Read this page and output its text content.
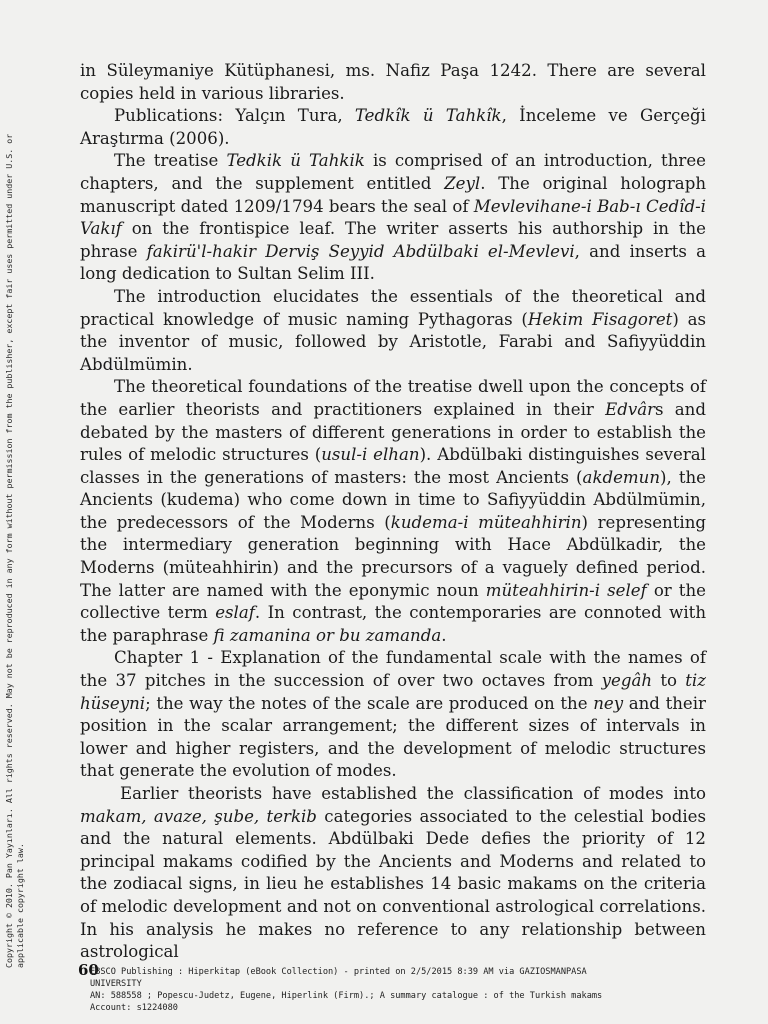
Copyright © 2010. Pan Yayınları. All rights reserved. May not be reproduced in any form without permission from the publisher, except fair uses permitted under U.S. or applicable copyright law.

in Süleymaniye Kütüphanesi, ms. Nafiz Paşa 1242. There are several copies held in various libraries.

Publications: Yalçın Tura, Tedkîk ü Tahkîk, İnceleme ve Gerçeği Araştırma (2006).

The treatise Tedkik ü Tahkik is comprised of an introduction, three chapters, and the supplement entitled Zeyl. The original holograph manuscript dated 1209/1794 bears the seal of Mevlevihane-i Bab-ı Cedîd-i Vakıf on the frontispice leaf. The writer asserts his authorship in the phrase fakirü'l-hakir Derviş Seyyid Abdülbaki el-Mevlevi, and inserts a long dedication to Sultan Selim III.

The introduction elucidates the essentials of the theoretical and practical knowledge of music naming Pythagoras (Hekim Fisagoret) as the inventor of music, followed by Aristotle, Farabi and Safiyyüddin Abdülmümin.

The theoretical foundations of the treatise dwell upon the concepts of the earlier theorists and practitioners explained in their Edvârs and debated by the masters of different generations in order to establish the rules of melodic structures (usul-i elhan). Abdülbaki distinguishes several classes in the generations of masters: the most Ancients (akdemun), the Ancients (kudema) who come down in time to Safiyyüddin Abdülmümin, the predecessors of the Moderns (kudema-i müteahhirin) representing the intermediary generation beginning with Hace Abdülkadir, the Moderns (müteahhirin) and the precursors of a vaguely defined period. The latter are named with the eponymic noun müteahhirin-i selef or the collective term eslaf. In contrast, the contemporaries are connoted with the paraphrase fi zamanina or bu zamanda.

Chapter 1 - Explanation of the fundamental scale with the names of the 37 pitches in the succession of over two octaves from yegâh to tiz hüseyni; the way the notes of the scale are produced on the ney and their position in the scalar arrangement; the different sizes of intervals in lower and higher registers, and the development of melodic structures that generate the evolution of modes.

Earlier theorists have established the classification of modes into makam, avaze, şube, terkib categories associated to the celestial bodies and the natural elements. Abdülbaki Dede defies the priority of 12 principal makams codified by the Ancients and Moderns and related to the zodiacal signs, in lieu he establishes 14 basic makams on the criteria of melodic development and not on conventional astrological correlations. In his analysis he makes no reference to any relationship between astrological

60
EBSCO Publishing : Hiperkitap (eBook Collection) - printed on 2/5/2015 8:39 AM via GAZIOSMANPASA
UNIVERSITY
AN: 588558 ; Popescu-Judetz, Eugene, Hiperlink (Firm).; A summary catalogue : of the Turkish makams
Account: s1224080
